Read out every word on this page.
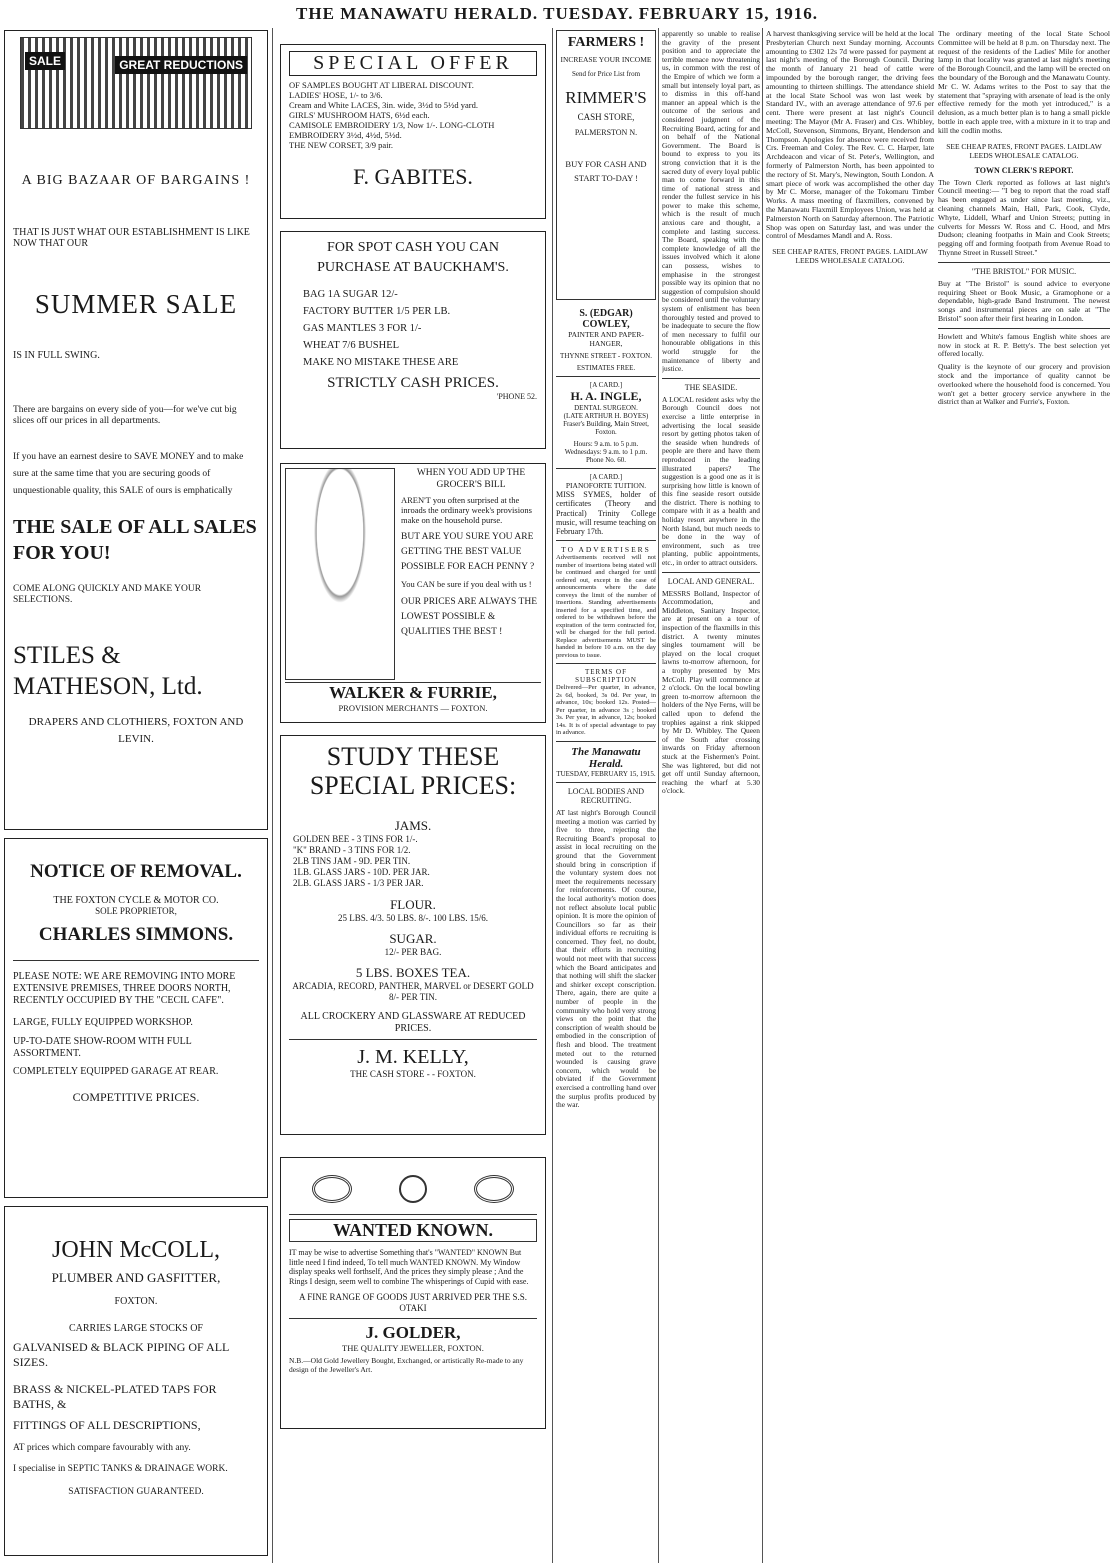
THE MANAWATU HERALD. TUESDAY. FEBRUARY 15, 1916.
SALE	GREAT REDUCTIONS
A BIG BAZAAR OF BARGAINS !
THAT IS JUST WHAT OUR ESTABLISHMENT IS LIKE NOW THAT OUR
SUMMER SALE
IS IN FULL SWING.
There are bargains on every side of you—for we've cut big slices off our prices in all departments.
If you have an earnest desire to SAVE MONEY and to make sure at the same time that you are securing goods of unquestionable quality, this SALE of ours is emphatically
THE SALE OF ALL SALES FOR YOU!
COME ALONG QUICKLY AND MAKE YOUR SELECTIONS.
STILES & MATHESON, Ltd.
DRAPERS AND CLOTHIERS, FOXTON AND LEVIN.
NOTICE OF REMOVAL.
THE FOXTON CYCLE & MOTOR CO.
SOLE PROPRIETOR,
CHARLES SIMMONS.
PLEASE NOTE: WE ARE REMOVING INTO MORE EXTENSIVE PREMISES, THREE DOORS NORTH, RECENTLY OCCUPIED BY THE "CECIL CAFE".
LARGE, FULLY EQUIPPED WORKSHOP.
UP-TO-DATE SHOW-ROOM WITH FULL ASSORTMENT.
COMPLETELY EQUIPPED GARAGE AT REAR.
COMPETITIVE PRICES.
JOHN McCOLL,
PLUMBER AND GASFITTER,
FOXTON.
CARRIES LARGE STOCKS OF
GALVANISED & BLACK PIPING OF ALL SIZES.
BRASS & NICKEL-PLATED TAPS FOR BATHS, &
FITTINGS OF ALL DESCRIPTIONS,
AT prices which compare favourably with any.
I specialise in SEPTIC TANKS & DRAINAGE WORK.
SATISFACTION GUARANTEED.
SPECIAL OFFER
OF SAMPLES BOUGHT AT LIBERAL DISCOUNT.
LADIES' HOSE, 1/- to 3/6.
Cream and White LACES, 3in. wide, 3½d to 5½d yard.
GIRLS' MUSHROOM HATS, 6½d each.
CAMISOLE EMBROIDERY 1/3, Now 1/-. LONG-CLOTH EMBROIDERY 3½d, 4½d, 5½d.
THE NEW CORSET, 3/9 pair.
F. GABITES.
FOR SPOT CASH YOU CAN PURCHASE AT BAUCKHAM'S.
BAG 1A SUGAR 12/-
FACTORY BUTTER 1/5 PER LB.
GAS MANTLES 3 FOR 1/-
WHEAT 7/6 BUSHEL
MAKE NO MISTAKE THESE ARE
STRICTLY CASH PRICES.
'PHONE 52.
WHEN YOU ADD UP THE GROCER'S BILL
AREN'T you often surprised at the inroads the ordinary week's provisions make on the household purse.
BUT ARE YOU SURE YOU ARE GETTING THE BEST VALUE POSSIBLE FOR EACH PENNY ?
You CAN be sure if you deal with us !
OUR PRICES ARE ALWAYS THE LOWEST POSSIBLE & QUALITIES THE BEST !
WALKER & FURRIE,
PROVISION MERCHANTS — FOXTON.
STUDY THESE SPECIAL PRICES:
JAMS.
GOLDEN BEE - 3 TINS FOR 1/-.
"K" BRAND - 3 TINS FOR 1/2.
2LB TINS JAM - 9D. PER TIN.
1LB. GLASS JARS - 10D. PER JAR.
2LB. GLASS JARS - 1/3 PER JAR.
FLOUR.
25 LBS. 4/3. 50 LBS. 8/-. 100 LBS. 15/6.
SUGAR.
12/- PER BAG.
5 LBS. BOXES TEA.
ARCADIA, RECORD, PANTHER, MARVEL or DESERT GOLD 8/- PER TIN.
ALL CROCKERY AND GLASSWARE AT REDUCED PRICES.
J. M. KELLY,
THE CASH STORE - - FOXTON.
WANTED KNOWN.
IT may be wise to advertise Something that's "WANTED" KNOWN But little need I find indeed, To tell much WANTED KNOWN. My Window display speaks well forthself, And the prices they simply please ; And the Rings I design, seem well to combine The whisperings of Cupid with ease.
A FINE RANGE OF GOODS JUST ARRIVED PER THE S.S. OTAKI
J. GOLDER,
THE QUALITY JEWELLER, FOXTON.
N.B.—Old Gold Jewellery Bought, Exchanged, or artistically Re-made to any design of the Jeweller's Art.
FARMERS !
INCREASE YOUR INCOME
Send for Price List from
RIMMER'S
CASH STORE,
PALMERSTON N.
BUY FOR CASH AND START TO-DAY !
S. (EDGAR) COWLEY,
PAINTER AND PAPER-HANGER,
THYNNE STREET - FOXTON.
ESTIMATES FREE.
[A CARD.]
H. A. INGLE,
DENTAL SURGEON.
(LATE ARTHUR H. BOYES)
Fraser's Building, Main Street, Foxton.
Hours: 9 a.m. to 5 p.m. Wednesdays: 9 a.m. to 1 p.m. Phone No. 60.
[A CARD.]
PIANOFORTE TUITION.
MISS SYMES, holder of certificates (Theory and Practical) Trinity College music, will resume teaching on February 17th.
TO ADVERTISERS
Advertisements received will not number of insertions being stated will be continued and charged for until ordered out, except in the case of announcements where the date conveys the limit of the number of insertions. Standing advertisements inserted for a specified time, and ordered to be withdrawn before the expiration of the term contracted for, will be charged for the full period. Replace advertisements MUST be handed in before 10 a.m. on the day previous to issue.
TERMS OF SUBSCRIPTION
Delivered—Per quarter, in advance, 2s 6d, booked, 3s 0d. Per year, in advance, 10s; booked 12s. Posted—Per quarter, in advance 3s ; booked 3s. Per year, in advance, 12s; booked 14s. It is of special advantage to pay in advance.
The Manawatu Herald.
TUESDAY, FEBRUARY 15, 1915.
LOCAL BODIES AND RECRUITING.
AT last night's Borough Council meeting a motion was carried by five to three, rejecting the Recruiting Board's proposal to assist in local recruiting on the ground that the Government should bring in conscription if the voluntary system does not meet the requirements necessary for reinforcements. Of course, the local authority's motion does not reflect absolute local public opinion. It is more the opinion of Councillors so far as their individual efforts re recruiting is concerned. They feel, no doubt, that their efforts in recruiting would not meet with that success which the Board anticipates and that nothing will shift the slacker and shirker except conscription. There, again, there are quite a number of people in the community who hold very strong views on the point that the conscription of wealth should be embodied in the conscription of flesh and blood. The treatment meted out to the returned wounded is causing grave concern, which would be obviated if the Government exercised a controlling hand over the surplus profits produced by the war.
apparently so unable to realise the gravity of the present position and to appreciate the terrible menace now threatening us, in common with the rest of the Empire of which we form a small but intensely loyal part, as to dismiss in this off-hand manner an appeal which is the outcome of the serious and considered judgment of the Recruiting Board, acting for and on behalf of the National Government. The Board is bound to express to you its strong conviction that it is the sacred duty of every loyal public man to come forward in this time of national stress and render the fullest service in his power to make this scheme, which is the result of much anxious care and thought, a complete and lasting success. The Board, speaking with the complete knowledge of all the issues involved which it alone can possess, wishes to emphasise in the strongest possible way its opinion that no suggestion of compulsion should be considered until the voluntary system of enlistment has been thoroughly tested and proved to be inadequate to secure the flow of men necessary to fulfil our honourable obligations in this world struggle for the maintenance of liberty and justice.
THE SEASIDE.
A LOCAL resident asks why the Borough Council does not exercise a little enterprise in advertising the local seaside resort by getting photos taken of the seaside when hundreds of people are there and have them reproduced in the leading illustrated papers? The suggestion is a good one as it is surprising how little is known of this fine seaside resort outside the district. There is nothing to compare with it as a health and holiday resort anywhere in the North Island, but much needs to be done in the way of environment, such as tree planting, public appointments, etc., in order to attract outsiders.
LOCAL AND GENERAL.
MESSRS Bolland, Inspector of Accommodation, and Middleton, Sanitary Inspector, are at present on a tour of inspection of the flaxmills in this district. A twenty minutes singles tournament will be played on the local croquet lawns to-morrow afternoon, for a trophy presented by Mrs McColl. Play will commence at 2 o'clock. On the local bowling green to-morrow afternoon the holders of the Nye Ferns, will be called upon to defend the trophies against a rink skipped by Mr D. Whibley. The Queen of the South after crossing inwards on Friday afternoon stuck at the Fishermen's Point. She was lightered, but did not get off until Sunday afternoon, reaching the wharf at 5.30 o'clock.
A harvest thanksgiving service will be held at the local Presbyterian Church next Sunday morning. Accounts amounting to £302 12s 7d were passed for payment at last night's meeting of the Borough Council. During the month of January 21 head of cattle were impounded by the borough ranger, the driving fees amounting to thirteen shillings. The attendance shield at the local State School was won last week by Standard IV., with an average attendance of 97.6 per cent. There were present at last night's Council meeting: The Mayor (Mr A. Fraser) and Crs. Whibley, McColl, Stevenson, Simmons, Bryant, Henderson and Thompson. Apologies for absence were received from Crs. Freeman and Coley. The Rev. C. C. Harper, late Archdeacon and vicar of St. Peter's, Wellington, and formerly of Palmerston North, has been appointed to the rectory of St. Mary's, Newington, South London. A smart piece of work was accomplished the other day by Mr C. Morse, manager of the Tokomaru Timber Works. A mass meeting of flaxmillers, convened by the Manawatu Flaxmill Employees Union, was held at Palmerston North on Saturday afternoon. The Patriotic Shop was open on Saturday last, and was under the control of Mesdames Mandl and A. Ross.
SEE CHEAP RATES, FRONT PAGES. LAIDLAW LEEDS WHOLESALE CATALOG.
The ordinary meeting of the local State School Committee will be held at 8 p.m. on Thursday next. The request of the residents of the Ladies' Mile for another lamp in that locality was granted at last night's meeting of the Borough Council, and the lamp will be erected on the boundary of the Borough and the Manawatu County. Mr C. W. Adams writes to the Post to say that the statement that "spraying with arsenate of lead is the only effective remedy for the moth yet introduced," is a delusion, as a much better plan is to hang a small pickle bottle in each apple tree, with a mixture in it to trap and kill the codlin moths.
SEE CHEAP RATES, FRONT PAGES. LAIDLAW LEEDS WHOLESALE CATALOG.
TOWN CLERK'S REPORT.
The Town Clerk reported as follows at last night's Council meeting:— "I beg to report that the road staff has been engaged as under since last meeting, viz., cleaning channels Main, Hall, Park, Cook, Clyde, Whyte, Liddell, Wharf and Union Streets; putting in culverts for Messrs W. Ross and C. Hood, and Mrs Dudson; cleaning footpaths in Main and Cook Streets; pegging off and forming footpath from Avenue Road to Thynne Street in Russell Street."
"THE BRISTOL" FOR MUSIC.
Buy at "The Bristol" is sound advice to everyone requiring Sheet or Book Music, a Gramophone or a dependable, high-grade Band Instrument. The newest songs and instrumental pieces are on sale at "The Bristol" soon after their first hearing in London.
Howlett and White's famous English white shoes are now in stock at R. P. Betty's. The best selection yet offered locally.
Quality is the keynote of our grocery and provision stock and the importance of quality cannot be overlooked where the household food is concerned. You won't get a better grocery service anywhere in the district than at Walker and Furrie's, Foxton.
